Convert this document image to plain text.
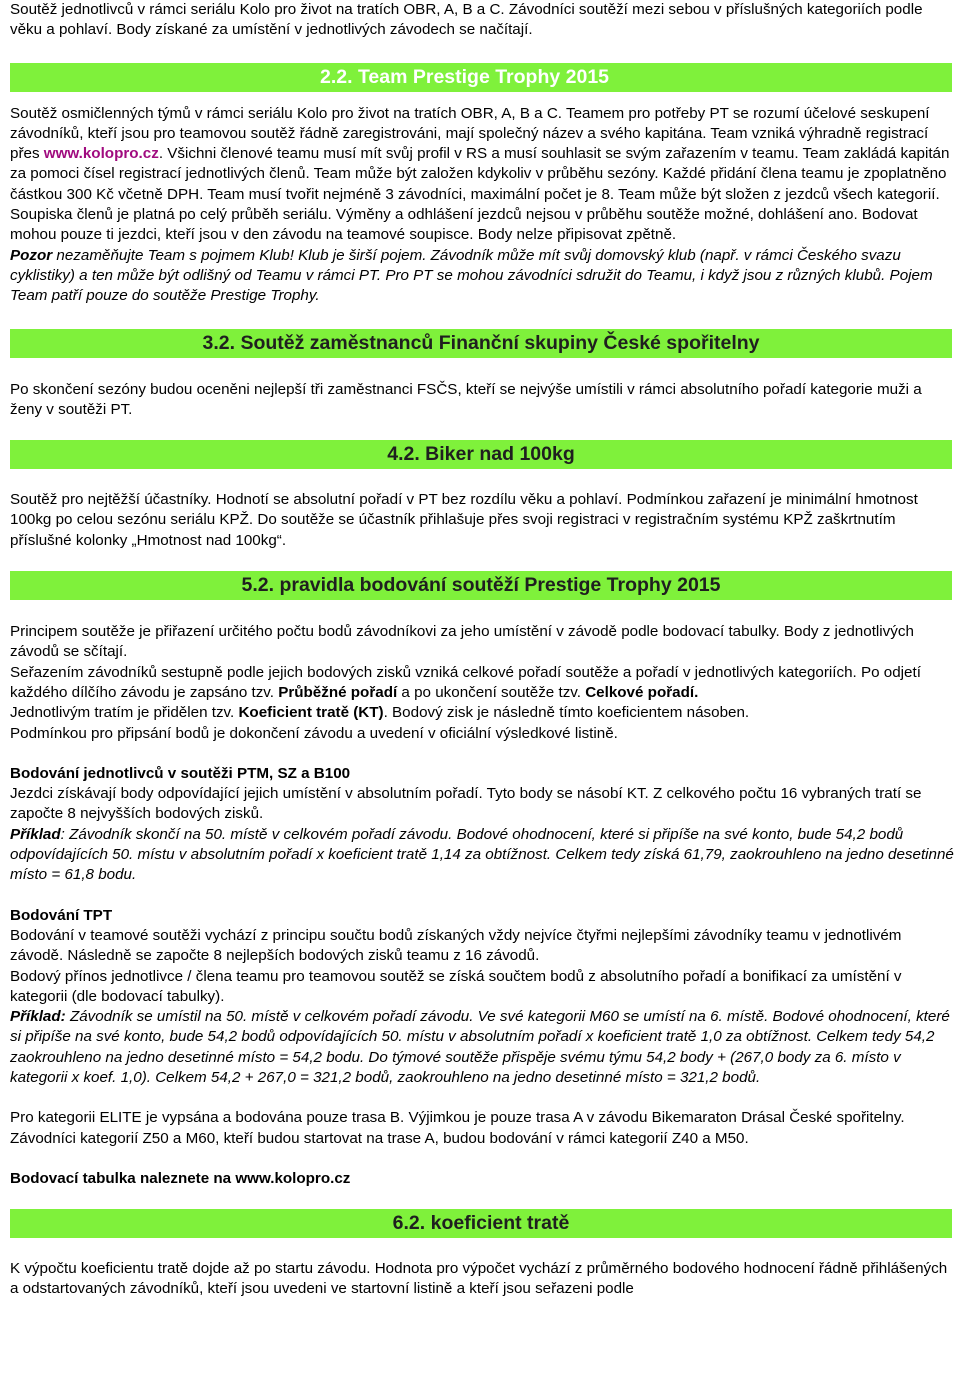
Soutěž jednotlivců v rámci seriálu Kolo pro život na tratích OBR, A, B a C. Závodníci soutěží mezi sebou v příslušných kategoriích podle věku a pohlaví. Body získané za umístění v jednotlivých závodech se načítají.

2.2. Team Prestige Trophy 2015

Soutěž osmičlenných týmů v rámci seriálu Kolo pro život na tratích OBR, A, B a C. Teamem pro potřeby PT se rozumí účelové seskupení závodníků, kteří jsou pro teamovou soutěž řádně zaregistrováni, mají společný název a svého kapitána. Team vzniká výhradně registrací přes www.kolopro.cz. Všichni členové teamu musí mít svůj profil v RS a musí souhlasit se svým zařazením v teamu. Team zakládá kapitán za pomoci čísel registrací jednotlivých členů. Team může být založen kdykoliv v průběhu sezóny. Každé přidání člena teamu je zpoplatněno částkou 300 Kč včetně DPH. Team musí tvořit nejméně 3 závodníci, maximální počet je 8. Team může být složen z jezdců všech kategorií. Soupiska členů je platná po celý průběh seriálu. Výměny a odhlášení jezdců nejsou v průběhu soutěže možné, dohlášení ano. Bodovat mohou pouze ti jezdci, kteří jsou v den závodu na teamové soupisce. Body nelze připisovat zpětně.

Pozor nezaměňujte Team s pojmem Klub! Klub je širší pojem. Závodník může mít svůj domovský klub (např. v rámci Českého svazu cyklistiky) a ten může být odlišný od Teamu v rámci PT. Pro PT se mohou závodníci sdružit do Teamu, i když jsou z různých klubů. Pojem Team patří pouze do soutěže Prestige Trophy.

3.2. Soutěž zaměstnanců Finanční skupiny České spořitelny

Po skončení sezóny budou oceněni nejlepší tři zaměstnanci FSČS, kteří se nejvýše umístili v rámci absolutního pořadí kategorie muži a ženy v soutěži PT.

4.2. Biker nad 100kg

Soutěž pro nejtěžší účastníky. Hodnotí se absolutní pořadí v PT bez rozdílu věku a pohlaví. Podmínkou zařazení je minimální hmotnost 100kg po celou sezónu seriálu KPŽ. Do soutěže se účastník přihlašuje přes svoji registraci v registračním systému KPŽ zaškrtnutím příslušné kolonky „Hmotnost nad 100kg“.

5.2. pravidla bodování soutěží Prestige Trophy 2015

Principem soutěže je přiřazení určitého počtu bodů závodníkovi za jeho umístění v závodě podle bodovací tabulky. Body z jednotlivých závodů se sčítají.

Seřazením závodníků sestupně podle jejich bodových zisků vzniká celkové pořadí soutěže a pořadí v jednotlivých kategoriích. Po odjetí každého dílčího závodu je zapsáno tzv. Průběžné pořadí a po ukončení soutěže tzv. Celkové pořadí.

Jednotlivým tratím je přidělen tzv. Koeficient tratě (KT). Bodový zisk je následně tímto koeficientem násoben.

Podmínkou pro připsání bodů je dokončení závodu a uvedení v oficiální výsledkové listině.

Bodování jednotlivců v soutěži PTM, SZ a B100

Jezdci získávají body odpovídající jejich umístění v absolutním pořadí. Tyto body se násobí KT. Z celkového počtu 16 vybraných tratí se započte 8 nejvyšších bodových zisků.

Příklad: Závodník skončí na 50. místě v celkovém pořadí závodu. Bodové ohodnocení, které si připíše na své konto, bude 54,2 bodů odpovídajících 50. místu v absolutním pořadí x koeficient tratě 1,14 za obtížnost. Celkem tedy získá 61,79, zaokrouhleno na jedno desetinné místo = 61,8 bodu.

Bodování TPT

Bodování v teamové soutěži vychází z principu součtu bodů získaných vždy nejvíce čtyřmi nejlepšími závodníky teamu v jednotlivém závodě. Následně se započte 8 nejlepších bodových zisků teamu z 16 závodů.

Bodový přínos jednotlivce / člena teamu pro teamovou soutěž se získá součtem bodů z absolutního pořadí a bonifikací za umístění v kategorii (dle bodovací tabulky).

Příklad: Závodník se umístil na 50. místě v celkovém pořadí závodu. Ve své kategorii M60 se umístí na 6. místě. Bodové ohodnocení, které si připíše na své konto, bude 54,2 bodů odpovídajících 50. místu v absolutním pořadí x koeficient tratě 1,0 za obtížnost. Celkem tedy 54,2 zaokrouhleno na jedno desetinné místo = 54,2 bodu. Do týmové soutěže přispěje svému týmu 54,2 body + (267,0 body za 6. místo v kategorii x koef. 1,0). Celkem 54,2 + 267,0 = 321,2 bodů, zaokrouhleno na jedno desetinné místo = 321,2 bodů.

Pro kategorii ELITE je vypsána a bodována pouze trasa B. Výjimkou je pouze trasa A v závodu Bikemaraton Drásal České spořitelny. Závodníci kategorií Z50 a M60, kteří budou startovat na trase A, budou bodování v rámci kategorií Z40 a M50.

Bodovací tabulka naleznete na www.kolopro.cz

6.2. koeficient tratě

K výpočtu koeficientu tratě dojde až po startu závodu. Hodnota pro výpočet vychází z průměrného bodového hodnocení řádně přihlášených a odstartovaných závodníků, kteří jsou uvedeni ve startovní listině a kteří jsou seřazeni podle
